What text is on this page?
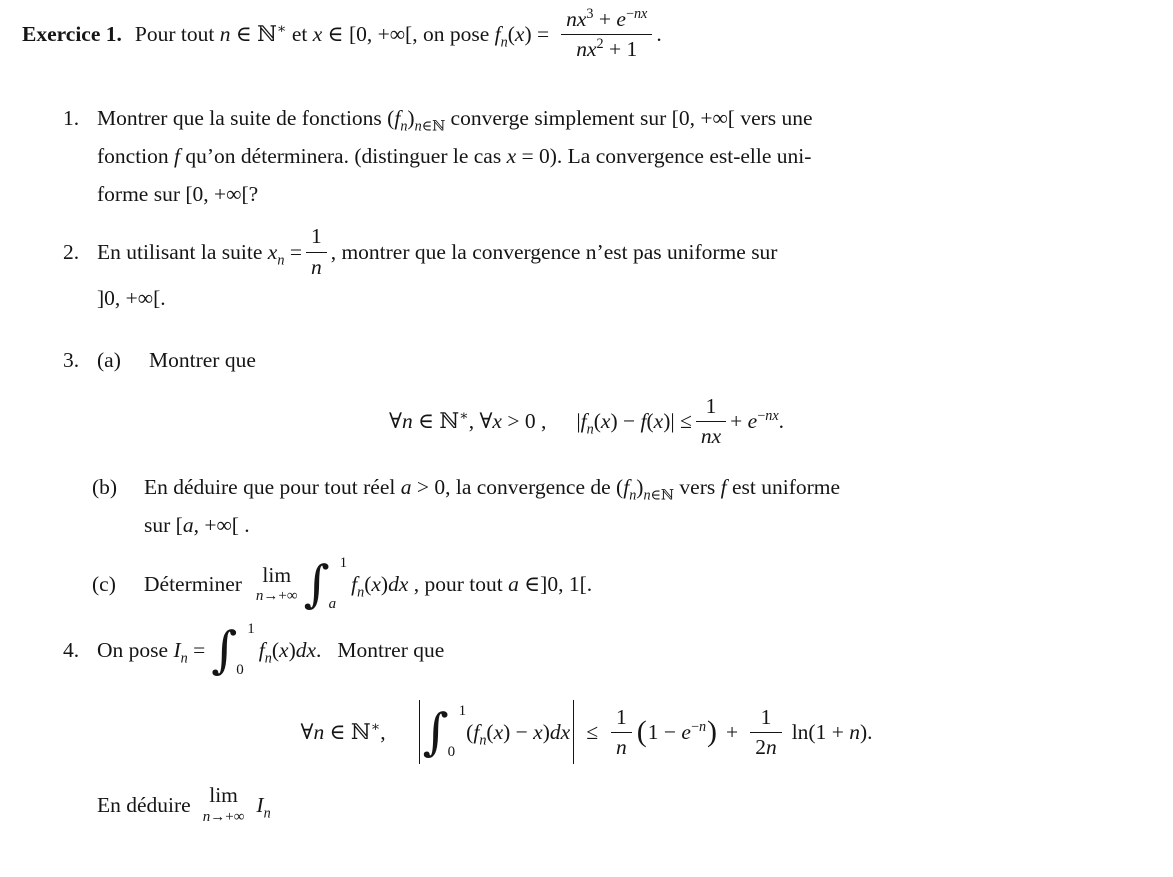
Exercice 1. Pour tout n ∈ ℕ∗ et x ∈ [0, +∞[, on pose $f_n(x) = \frac{nx^3 + e^{-nx}}{nx^2 + 1}$ .
1. Montrer que la suite de fonctions $(f_n)_{n\in ℕ}$ converge simplement sur [0, +∞[ vers une
fonction f qu’on déterminera. (distinguer le cas x = 0). La convergence est-elle uni-
forme sur [0, +∞[?
2. En utilisant la suite $x_n = \frac{1}{n}$ , montrer que la convergence n’est pas uniforme sur
]0, +∞[.
3. (a)	Montrer que
∀n ∈ ℕ∗, ∀x > 0 , $|f_n(x) - f(x)| \le \frac{1}{nx} + e^{-nx}$.
(b)	En déduire que pour tout réel a > 0, la convergence de $(f_n)_{n\in ℕ}$ vers f est uniforme
sur [a, +∞[ .
(c)	Déterminer lim
n→+∞ ∫ 1
a
$f_n(x)dx$ , pour tout a ∈]0, 1[.
4. On pose $I_n$ = ∫ 1
0
$f_n(x)dx$. Montrer que
∀n ∈ ℕ∗, ∫ 1
0
$(f_n(x) - x)dx \le \frac{1}{n}$ ( $1 - e^{-n}$ ) + $\frac{1}{2n} \ln(1 + n)$.
En déduire lim
n→+∞ $I_n$
